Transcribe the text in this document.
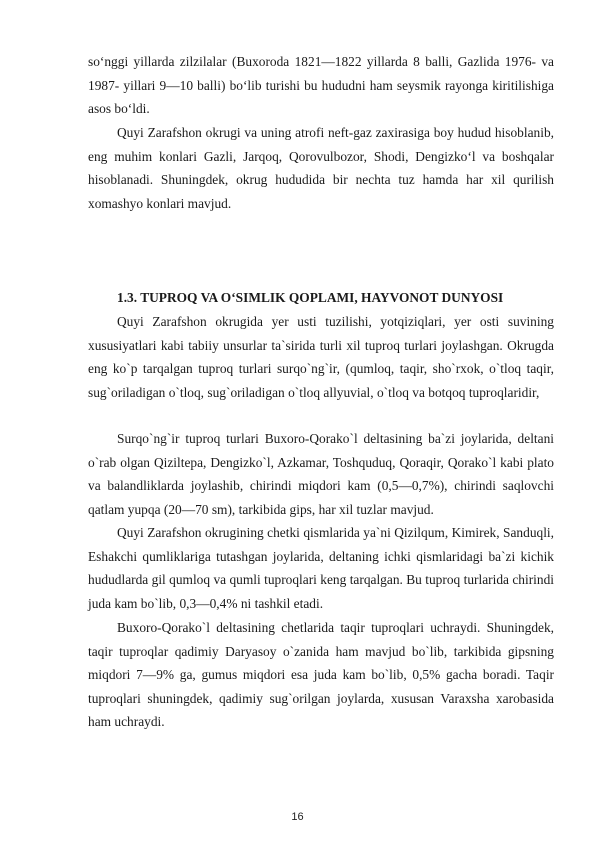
so‘nggi yillarda zilzilalar (Buxoroda 1821—1822 yillarda 8 balli, Gazlida 1976- va 1987- yillari 9—10 balli) bo‘lib turishi bu hududni ham seysmik rayonga kiritilishiga asos bo‘ldi.

Quyi Zarafshon okrugi va uning atrofi neft-gaz zaxirasiga boy hudud hisoblanib, eng muhim konlari Gazli, Jarqoq, Qorovulbozor, Shodi, Dengizko‘l va boshqalar hisoblanadi. Shuningdek, okrug hududida bir nechta tuz hamda har xil qurilish xomashyo konlari mavjud.

1.3. TUPROQ VA O‘SIMLIK QOPLAMI, HAYVONOT DUNYOSI

Quyi Zarafshon okrugida yer usti tuzilishi, yotqiziqlari, yer osti suvining xususiyatlari kabi tabiiy unsurlar ta`sirida turli xil tuproq turlari joylashgan. Okrugda eng ko`p tarqalgan tuproq turlari surqo`ng`ir, (qumloq, taqir, sho`rxok, o`tloq taqir, sug`oriladigan o`tloq, sug`oriladigan o`tloq allyuvial, o`tloq va botqoq tuproqlaridir,

Surqo`ng`ir tuproq turlari Buxoro-Qorako`l deltasining ba`zi joylarida, deltani o`rab olgan Qiziltepa, Dengizko`l, Azkamar, Toshquduq, Qoraqir, Qorako`l kabi plato va balandliklarda joylashib, chirindi miqdori kam (0,5—0,7%), chirindi saqlovchi qatlam yupqa (20—70 sm), tarkibida gips, har xil tuzlar mavjud.

Quyi Zarafshon okrugining chetki qismlarida ya`ni Qizilqum, Kimirek, Sanduqli, Eshakchi qumliklariga tutashgan joylarida, deltaning ichki qismlaridagi ba`zi kichik hududlarda gil qumloq va qumli tuproqlari keng tarqalgan. Bu tuproq turlarida chirindi juda kam bo`lib, 0,3—0,4% ni tashkil etadi.

Buxoro-Qorako`l deltasining chetlarida taqir tuproqlari uchraydi. Shuningdek, taqir tuproqlar qadimiy Daryasoy o`zanida ham mavjud bo`lib, tarkibida gipsning miqdori 7—9% ga, gumus miqdori esa juda kam bo`lib, 0,5% gacha boradi. Taqir tuproqlari shuningdek, qadimiy sug`orilgan joylarda, xususan Varaxsha xarobasida ham uchraydi.

16
